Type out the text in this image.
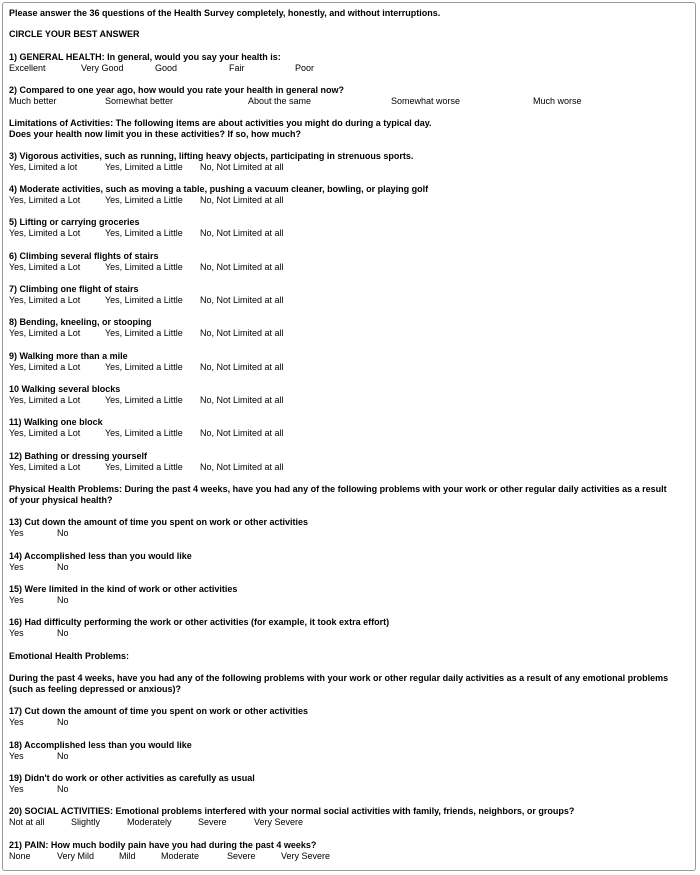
Please answer the 36 questions of the Health Survey completely, honestly, and without interruptions.
CIRCLE YOUR BEST ANSWER
1) GENERAL HEALTH: In general, would you say your health is:
Excellent	Very Good	Good	Fair	Poor
2) Compared to one year ago, how would you rate your health in general now?
Much better	Somewhat better	About the same	Somewhat worse	Much worse
Limitations of Activities: The following items are about activities you might do during a typical day.
Does your health now limit you in these activities? If so, how much?
3) Vigorous activities, such as running, lifting heavy objects, participating in strenuous sports.
Yes, Limited a lot	Yes, Limited a Little No, Not Limited at all
4) Moderate activities, such as moving a table, pushing a vacuum cleaner, bowling, or playing golf
Yes, Limited a Lot	Yes, Limited a Little No, Not Limited at all
5) Lifting or carrying groceries
Yes, Limited a Lot	Yes, Limited a Little No, Not Limited at all
6) Climbing several flights of stairs
Yes, Limited a Lot	Yes, Limited a Little No, Not Limited at all
7) Climbing one flight of stairs
Yes, Limited a Lot	Yes, Limited a Little No, Not Limited at all
8) Bending, kneeling, or stooping
Yes, Limited a Lot	Yes, Limited a Little No, Not Limited at all
9) Walking more than a mile
Yes, Limited a Lot	Yes, Limited a Little No, Not Limited at all
10 Walking several blocks
Yes, Limited a Lot	Yes, Limited a Little No, Not Limited at all
11) Walking one block
Yes, Limited a Lot	Yes, Limited a Little No, Not Limited at all
12) Bathing or dressing yourself
Yes, Limited a Lot	Yes, Limited a Little No, Not Limited at all
Physical Health Problems: During the past 4 weeks, have you had any of the following problems with your work or other regular daily activities as a result of your physical health?
13) Cut down the amount of time you spent on work or other activities
Yes	No
14) Accomplished less than you would like
Yes	No
15) Were limited in the kind of work or other activities
Yes	No
16) Had difficulty performing the work or other activities (for example, it took extra effort)
Yes	No
Emotional Health Problems:
During the past 4 weeks, have you had any of the following problems with your work or other regular daily activities as a result of any emotional problems (such as feeling depressed or anxious)?
17) Cut down the amount of time you spent on work or other activities
Yes	No
18) Accomplished less than you would like
Yes	No
19) Didn't do work or other activities as carefully as usual
Yes	No
20) SOCIAL ACTIVITIES: Emotional problems interfered with your normal social activities with family, friends, neighbors, or groups?
Not at all	Slightly	Moderately	Severe	Very Severe
21) PAIN: How much bodily pain have you had during the past 4 weeks?
None	Very Mild	Mild	Moderate	Severe	Very Severe
